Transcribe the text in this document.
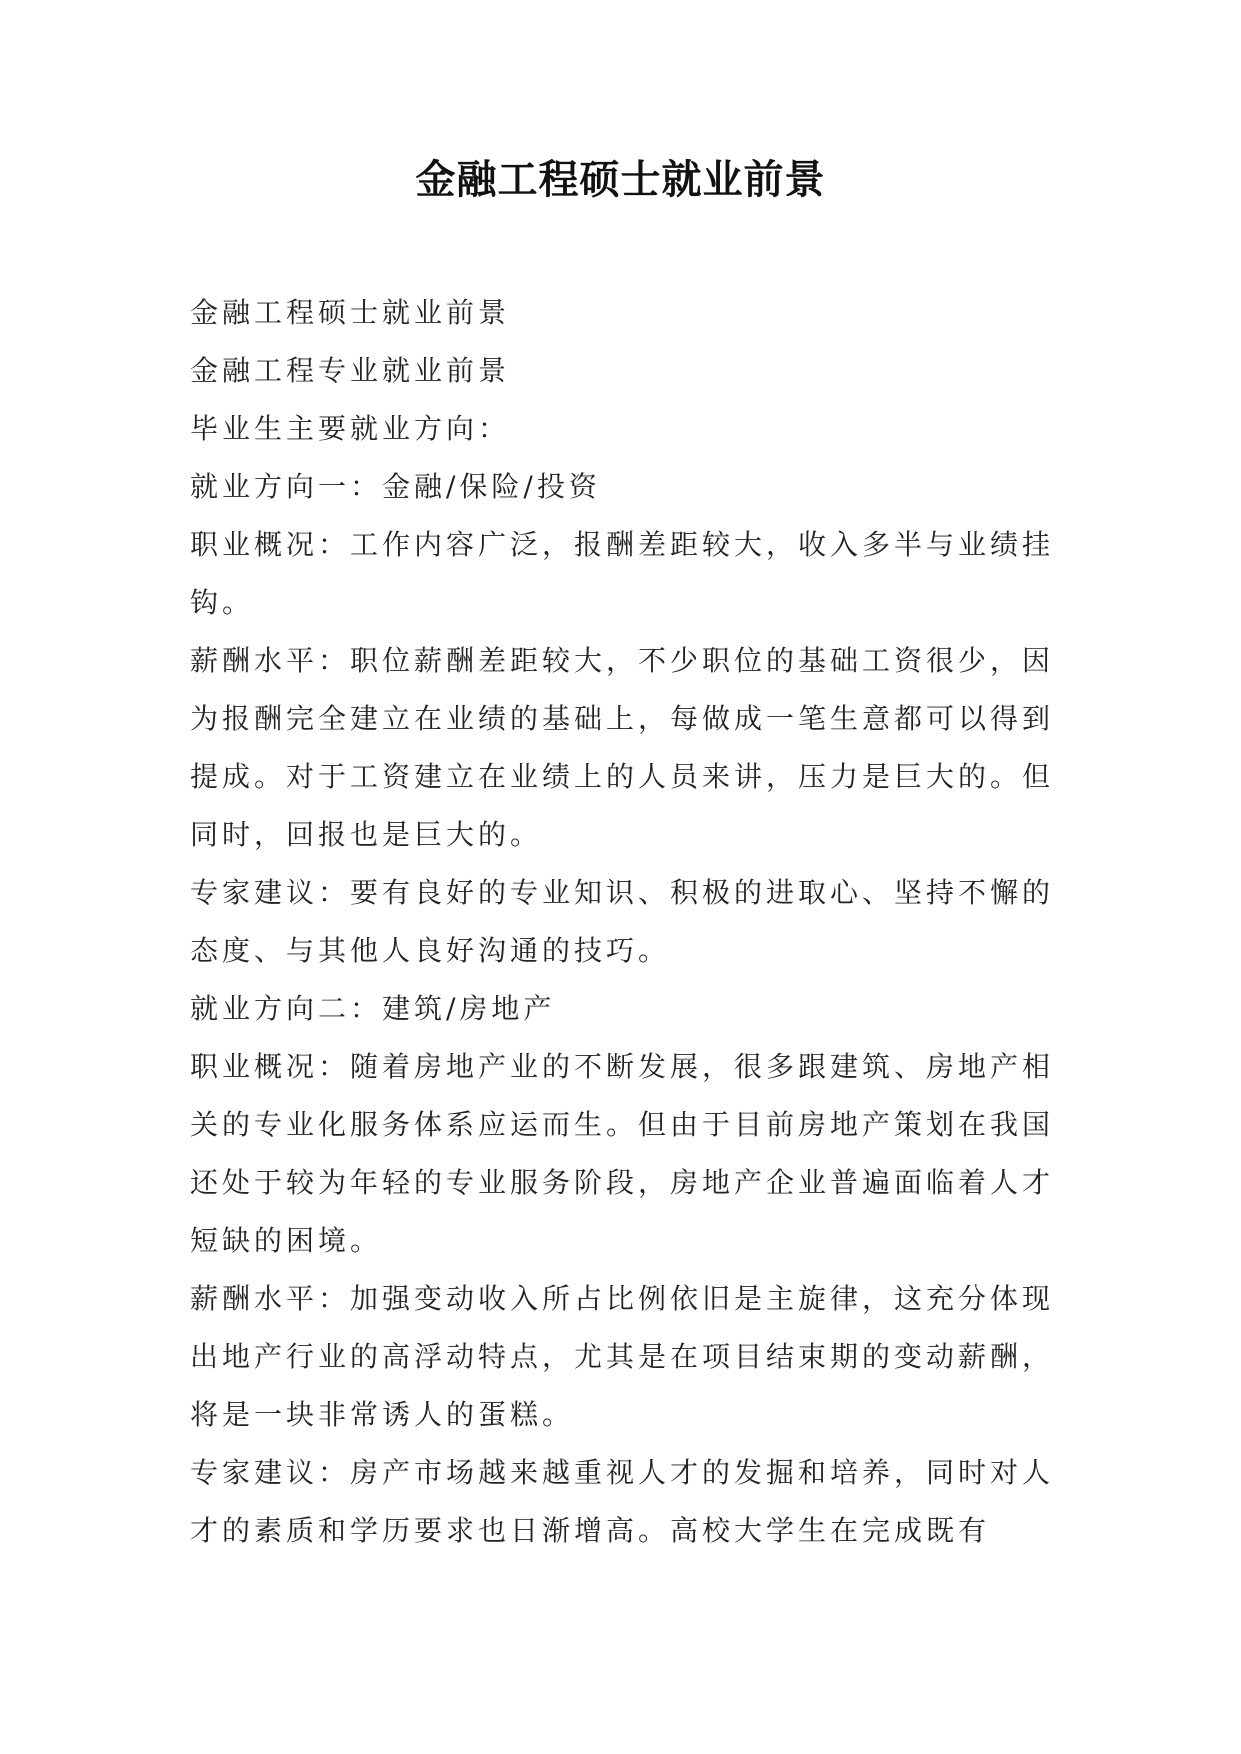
金融工程硕士就业前景

金融工程硕士就业前景

金融工程专业就业前景

毕业生主要就业方向：

就业方向一：金融/保险/投资

职业概况：工作内容广泛，报酬差距较大，收入多半与业绩挂钩。

薪酬水平：职位薪酬差距较大，不少职位的基础工资很少，因为报酬完全建立在业绩的基础上，每做成一笔生意都可以得到提成。对于工资建立在业绩上的人员来讲，压力是巨大的。但同时，回报也是巨大的。

专家建议：要有良好的专业知识、积极的进取心、坚持不懈的态度、与其他人良好沟通的技巧。

就业方向二：建筑/房地产

职业概况：随着房地产业的不断发展，很多跟建筑、房地产相关的专业化服务体系应运而生。但由于目前房地产策划在我国还处于较为年轻的专业服务阶段，房地产企业普遍面临着人才短缺的困境。

薪酬水平：加强变动收入所占比例依旧是主旋律，这充分体现出地产行业的高浮动特点，尤其是在项目结束期的变动薪酬，将是一块非常诱人的蛋糕。

专家建议：房产市场越来越重视人才的发掘和培养，同时对人才的素质和学历要求也日渐增高。高校大学生在完成既有
